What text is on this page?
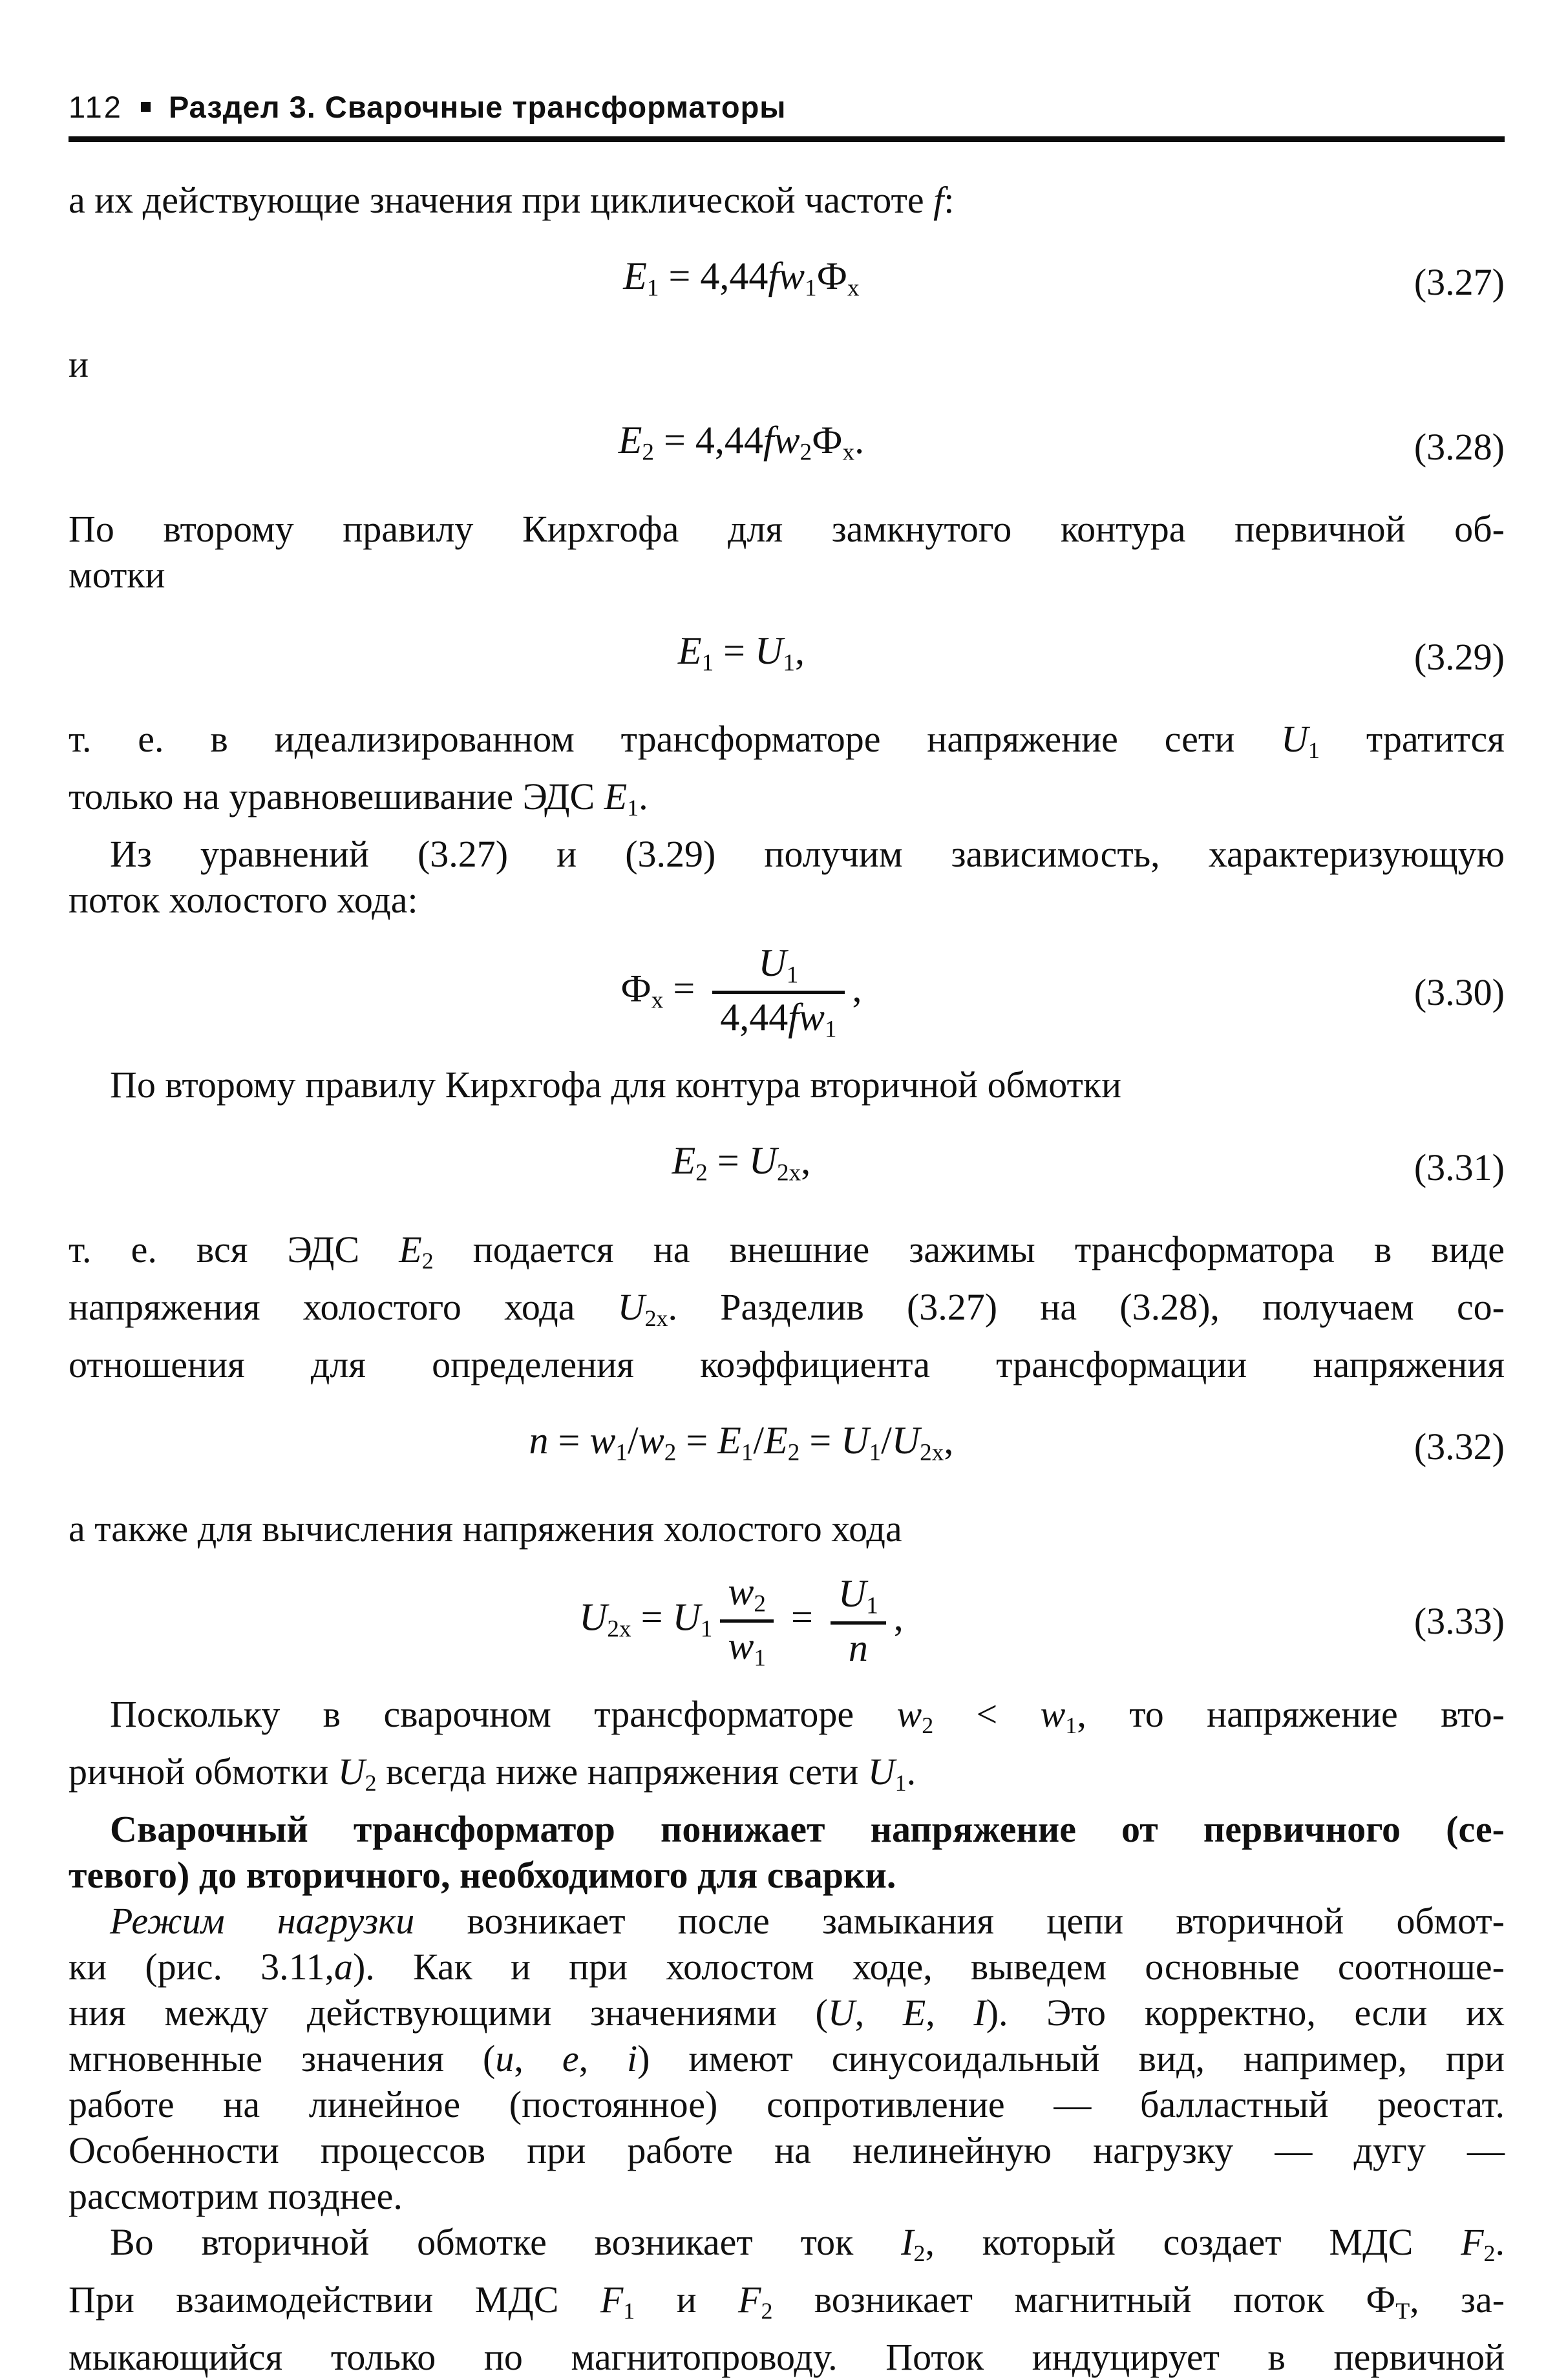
112 Раздел 3. Сварочные трансформаторы
а их действующие значения при циклической частоте f:
E1 = 4,44fw1Фх	(3.27)
и
E2 = 4,44fw2Фх.	(3.28)
По второму правилу Кирхгофа для замкнутого контура первичной об-
мотки
E1 = U1,	(3.29)
т. е. в идеализированном трансформаторе напряжение сети U1 тратится
только на уравновешивание ЭДС E1.
Из уравнений (3.27) и (3.29) получим зависимость, характеризующую
поток холостого хода:
Фх = $\frac{U1}{4,44fw1}$ ,	(3.30)
По второму правилу Кирхгофа для контура вторичной обмотки
E2 = U2х,	(3.31)
т. е. вся ЭДС E2 подается на внешние зажимы трансформатора в виде
напряжения холостого хода U2х. Разделив (3.27) на (3.28), получаем со-
отношения для определения коэффициента трансформации напряжения
n = w1/w2 = E1/E2 = U1/U2х,	(3.32)
а также для вычисления напряжения холостого хода
$U2х = U1 \frac{w2}{w1} = \frac{U1}{n}$ ,	(3.33)
Поскольку в сварочном трансформаторе w2 < w1, то напряжение вто-
ричной обмотки U2 всегда ниже напряжения сети U1.
Сварочный трансформатор понижает напряжение от первичного (се-
тевого) до вторичного, необходимого для сварки.
Режим нагрузки возникает после замыкания цепи вторичной обмот-
ки (рис. 3.11,а). Как и при холостом ходе, выведем основные соотноше-
ния между действующими значениями (U, E, I). Это корректно, если их
мгновенные значения (u, e, i) имеют синусоидальный вид, например, при
работе на линейное (постоянное) сопротивление — балластный реостат.
Особенности процессов при работе на нелинейную нагрузку — дугу —
рассмотрим позднее.
Во вторичной обмотке возникает ток I2, который создает МДС F2.
При взаимодействии МДС F1 и F2 возникает магнитный поток ФТ, за-
мыкающийся только по магнитопроводу. Поток индуцирует в первичной
